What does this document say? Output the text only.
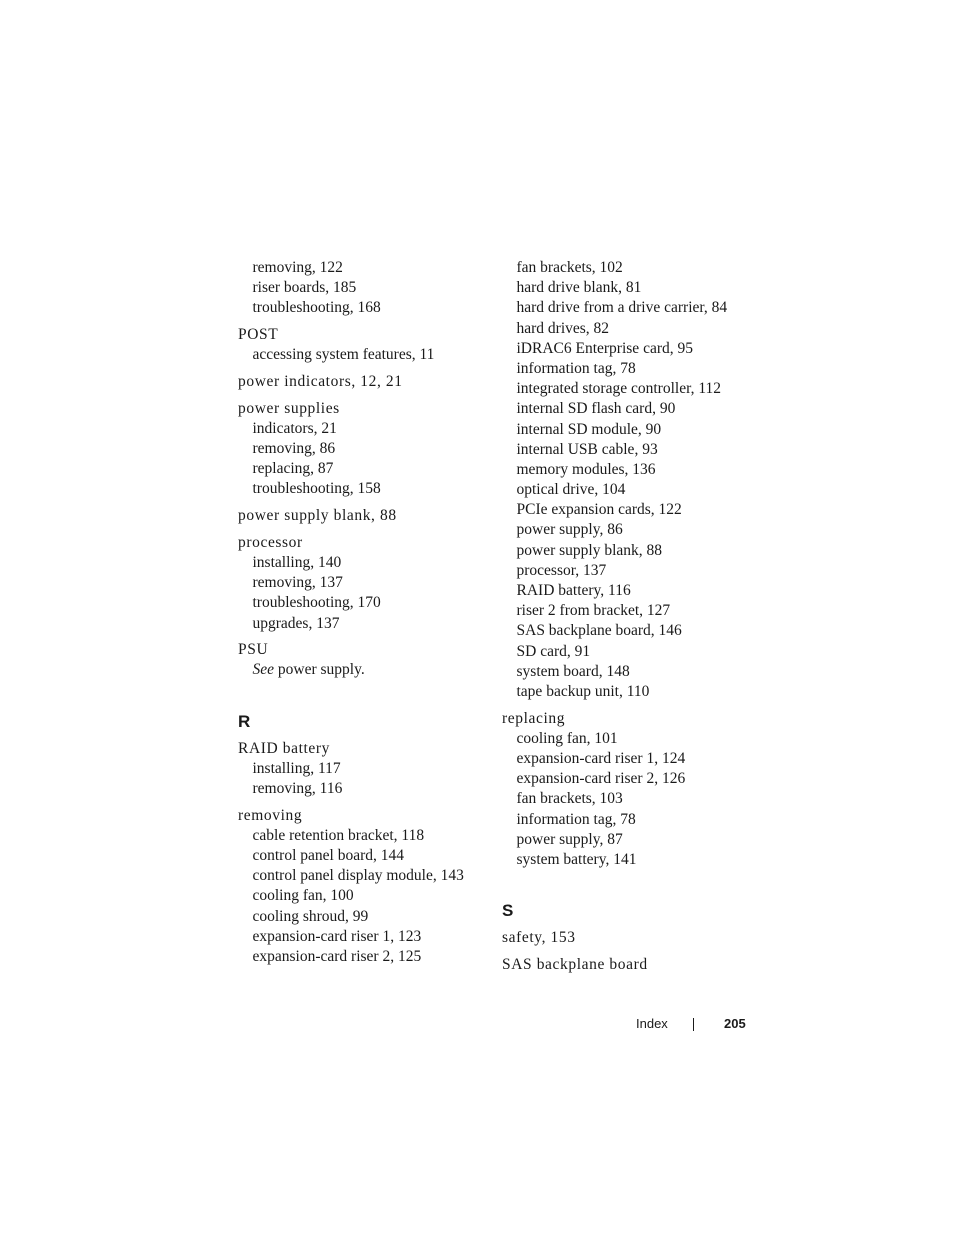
removing, 122
riser boards, 185
troubleshooting, 168
POST
accessing system features, 11
power indicators, 12, 21
power supplies
indicators, 21
removing, 86
replacing, 87
troubleshooting, 158
power supply blank, 88
processor
installing, 140
removing, 137
troubleshooting, 170
upgrades, 137
PSU
See power supply.
R
RAID battery
installing, 117
removing, 116
removing
cable retention bracket, 118
control panel board, 144
control panel display module, 143
cooling fan, 100
cooling shroud, 99
expansion-card riser 1, 123
expansion-card riser 2, 125
fan brackets, 102
hard drive blank, 81
hard drive from a drive carrier, 84
hard drives, 82
iDRAC6 Enterprise card, 95
information tag, 78
integrated storage controller, 112
internal SD flash card, 90
internal SD module, 90
internal USB cable, 93
memory modules, 136
optical drive, 104
PCIe expansion cards, 122
power supply, 86
power supply blank, 88
processor, 137
RAID battery, 116
riser 2 from bracket, 127
SAS backplane board, 146
SD card, 91
system board, 148
tape backup unit, 110
replacing
cooling fan, 101
expansion-card riser 1, 124
expansion-card riser 2, 126
fan brackets, 103
information tag, 78
power supply, 87
system battery, 141
S
safety, 153
SAS backplane board
Index	205
